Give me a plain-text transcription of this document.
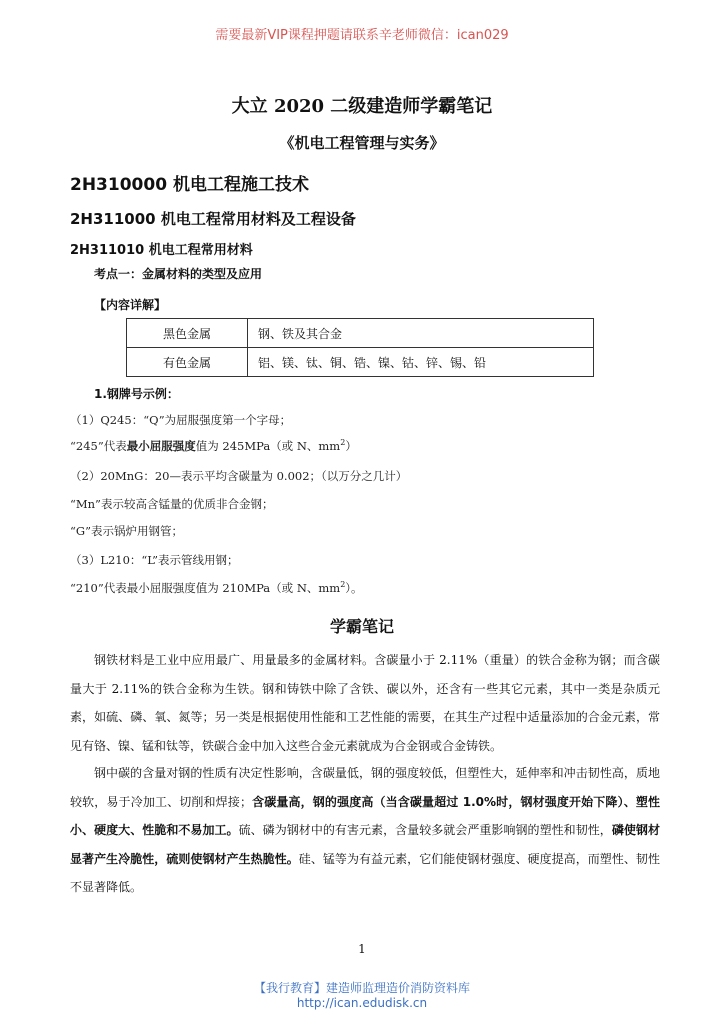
需要最新VIP课程押题请联系辛老师微信：ican029
大立 2020 二级建造师学霸笔记
《机电工程管理与实务》
2H310000 机电工程施工技术
2H311000 机电工程常用材料及工程设备
2H311010 机电工程常用材料
考点一：金属材料的类型及应用
【内容详解】
黑色金属	钢、铁及其合金
有色金属	铝、镁、钛、铜、锆、镍、钴、锌、锡、铅
1.钢牌号示例：
（1）Q245：“Q”为屈服强度第一个字母；
“245”代表最小屈服强度值为 245MPa（或 N、$mm^2$）
（2）20MnG：20—表示平均含碳量为 0.002；（以万分之几计）
“Mn”表示较高含锰量的优质非合金钢；
“G”表示锅炉用钢管；
（3）L210：“L”表示管线用钢；
“210”代表最小屈服强度值为 210MPa（或 N、$mm^2$）。
学霸笔记

钢铁材料是工业中应用最广、用量最多的金属材料。含碳量小于 2.11%（重量）的铁合金称为钢；而含碳量大于 2.11%的铁合金称为生铁。钢和铸铁中除了含铁、碳以外，还含有一些其它元素，其中一类是杂质元素，如硫、磷、氧、氮等；另一类是根据使用性能和工艺性能的需要，在其生产过程中适量添加的合金元素，常见有铬、镍、锰和钛等，铁碳合金中加入这些合金元素就成为合金钢或合金铸铁。

钢中碳的含量对钢的性质有决定性影响，含碳量低，钢的强度较低，但塑性大，延伸率和冲击韧性高，质地较软，易于冷加工、切削和焊接；含碳量高，钢的强度高（当含碳量超过 1.0%时，钢材强度开始下降）、塑性小、硬度大、性脆和不易加工。硫、磷为钢材中的有害元素，含量较多就会严重影响钢的塑性和韧性，磷使钢材显著产生冷脆性，硫则使钢材产生热脆性。硅、锰等为有益元素，它们能使钢材强度、硬度提高，而塑性、韧性不显著降低。

1
【我行教育】建造师监理造价消防资料库
http://ican.edudisk.cn
